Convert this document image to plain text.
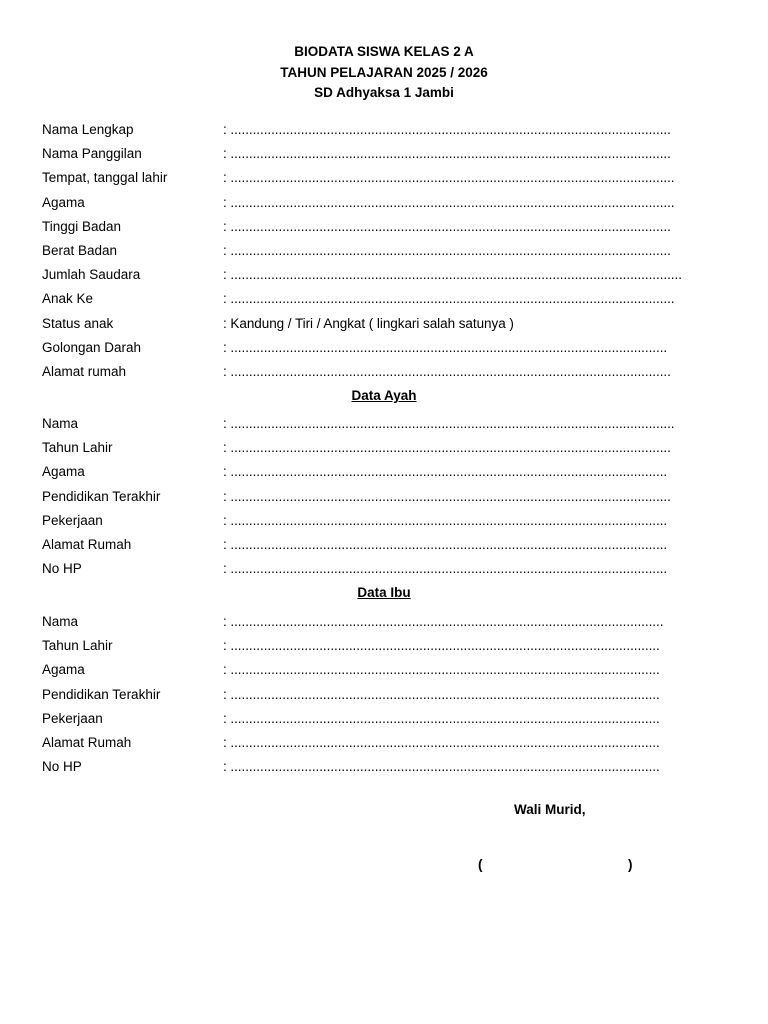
BIODATA SISWA KELAS 2 A
TAHUN PELAJARAN 2025 / 2026
SD Adhyaksa 1 Jambi
Nama Lengkap	: .......................................................................................................................
Nama Panggilan	: .......................................................................................................................
Tempat, tanggal lahir	: ........................................................................................................................
Agama	: ........................................................................................................................
Tinggi Badan	: .......................................................................................................................
Berat Badan	: .......................................................................................................................
Jumlah Saudara	: ..........................................................................................................................
Anak Ke	: ........................................................................................................................
Status anak	: Kandung / Tiri / Angkat ( lingkari salah satunya )
Golongan Darah	: ......................................................................................................................
Alamat rumah	: .......................................................................................................................
Data Ayah
Nama	: ........................................................................................................................
Tahun Lahir	: .......................................................................................................................
Agama	: ......................................................................................................................
Pendidikan Terakhir	: .......................................................................................................................
Pekerjaan	: ......................................................................................................................
Alamat Rumah	: ......................................................................................................................
No HP	: ......................................................................................................................
Data Ibu
Nama	: .....................................................................................................................
Tahun Lahir	: ....................................................................................................................
Agama	: ....................................................................................................................
Pendidikan Terakhir	: ....................................................................................................................
Pekerjaan	: ....................................................................................................................
Alamat Rumah	: ....................................................................................................................
No HP	: ....................................................................................................................
Wali Murid,
(	)
